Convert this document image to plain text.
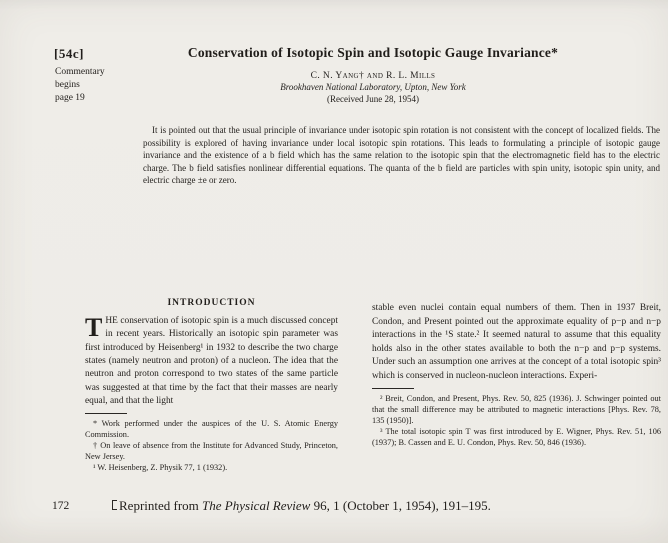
[54c]
Commentary
begins
page 19
172
Conservation of Isotopic Spin and Isotopic Gauge Invariance*
C. N. Yang† and R. L. Mills
Brookhaven National Laboratory, Upton, New York
(Received June 28, 1954)
It is pointed out that the usual principle of invariance under isotopic spin rotation is not consistent with the concept of localized fields. The possibility is explored of having invariance under local isotopic spin rotations. This leads to formulating a principle of isotopic gauge invariance and the existence of a b field which has the same relation to the isotopic spin that the electromagnetic field has to the electric charge. The b field satisfies nonlinear differential equations. The quanta of the b field are particles with spin unity, isotopic spin unity, and electric charge ±e or zero.
INTRODUCTION

THE conservation of isotopic spin is a much discussed concept in recent years. Historically an isotopic spin parameter was first introduced by Heisenberg¹ in 1932 to describe the two charge states (namely neutron and proton) of a nucleon. The idea that the neutron and proton correspond to two states of the same particle was suggested at that time by the fact that their masses are nearly equal, and that the light

* Work performed under the auspices of the U. S. Atomic Energy Commission.

† On leave of absence from the Institute for Advanced Study, Princeton, New Jersey.

¹ W. Heisenberg, Z. Physik 77, 1 (1932).

stable even nuclei contain equal numbers of them. Then in 1937 Breit, Condon, and Present pointed out the approximate equality of p−p and n−p interactions in the ¹S state.² It seemed natural to assume that this equality holds also in the other states available to both the n−p and p−p systems. Under such an assumption one arrives at the concept of a total isotopic spin³ which is conserved in nucleon-nucleon interactions. Experi-

² Breit, Condon, and Present, Phys. Rev. 50, 825 (1936). J. Schwinger pointed out that the small difference may be attributed to magnetic interactions [Phys. Rev. 78, 135 (1950)].

³ The total isotopic spin T was first introduced by E. Wigner, Phys. Rev. 51, 106 (1937); B. Cassen and E. U. Condon, Phys. Rev. 50, 846 (1936).

Reprinted from The Physical Review 96, 1 (October 1, 1954), 191–195.
